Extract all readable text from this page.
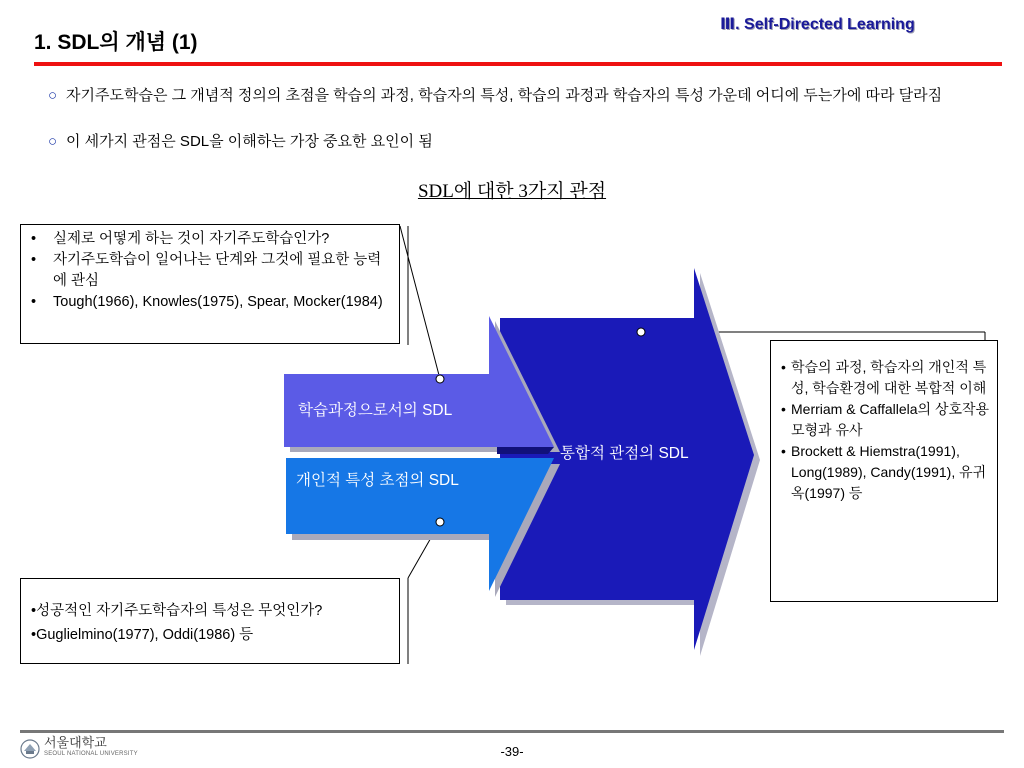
1. SDL의 개념 (1)
Ⅲ. Self-Directed Learning
○ 자기주도학습은 그 개념적 정의의 초점을 학습의 과정, 학습자의 특성, 학습의 과정과 학습자의 특성 가운데 어디에 두는가에 따라 달라짐
○ 이 세가지 관점은 SDL을 이해하는 가장 중요한 요인이 됨
SDL에 대한 3가지 관점
학습과정으로서의 SDL
개인적 특성 초점의 SDL
통합적 관점의 SDL
• 실제로 어떻게 하는 것이 자기주도학습인가?
• 자기주도학습이 일어나는 단계와 그것에 필요한 능력에 관심
• Tough(1966), Knowles(1975), Spear, Mocker(1984)
•성공적인 자기주도학습자의 특성은 무엇인가?
•Guglielmino(1977), Oddi(1986) 등
• 학습의 과정, 학습자의 개인적 특성, 학습환경에 대한 복합적 이해
• Merriam & Caffallela의 상호작용 모형과 유사
• Brockett & Hiemstra(1991), Long(1989), Candy(1991), 유귀옥(1997) 등
서울대학교
SEOUL NATIONAL UNIVERSITY	-39-
